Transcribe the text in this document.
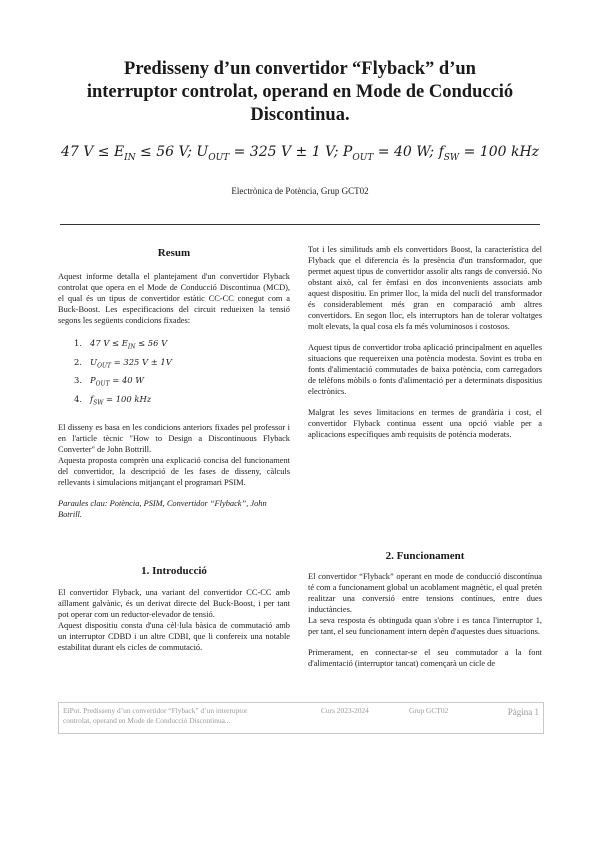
Predisseny d’un convertidor “Flyback” d’un
interruptor controlat, operand en Mode de Conducció
Discontinua.
47 $V \le E_{IN} \le 56$ V; $U_{OUT} = 325$ V ± 1 V; $P_{OUT} = 40$ W; $f_{SW} = 100$ kHz
Electrònica de Potència, Grup GCT02
Resum

Aquest informe detalla el plantejament d'un convertidor Flyback controlat que opera en el Mode de Conducció Discontinua (MCD), el qual és un tipus de convertidor estàtic CC-CC conegut com a Buck-Boost. Les especificacions del circuit redueixen la tensió segons les següents condicions fixades:

1. 47 $V \le E_{IN} \le 56$ V
2. $U_{OUT} = 325$ V ± 1V
3. $P_{OUT} = 40$ W
4. $f_{SW} = 100$ kHz

El disseny es basa en les condicions anteriors fixades pel professor i en l'article tècnic "How to Design a Discontinuous Flyback Converter" de John Bottrill.

Aquesta proposta comprèn una explicació concisa del funcionament del convertidor, la descripció de les fases de disseny, càlculs rellevants i simulacions mitjançant el programari PSIM.

Paraules clau: Potència, PSIM, Convertidor “Flyback”, John Botrill.

1. Introducció

El convertidor Flyback, una variant del convertidor CC-CC amb aïllament galvànic, és un derivat directe del Buck-Boost, i per tant pot operar com un reductor-elevador de tensió.

Aquest dispositiu consta d'una cèl·lula bàsica de commutació amb un interruptor CDBD i un altre CDBI, que li confereix una notable estabilitat durant els cicles de commutació.

Tot i les similituds amb els convertidors Boost, la característica del Flyback que el diferencia és la presència d'un transformador, que permet aquest tipus de convertidor assolir alts rangs de conversió. No obstant això, cal fer èmfasi en dos inconvenients associats amb aquest dispositiu. En primer lloc, la mida del nucli del transformador és considerablement més gran en comparació amb altres convertidors. En segon lloc, els interruptors han de tolerar voltatges molt elevats, la qual cosa els fa més voluminosos i costosos.

Aquest tipus de convertidor troba aplicació principalment en aquelles situacions que requereixen una potència modesta. Sovint es troba en fonts d'alimentació commutades de baixa potència, com carregadors de telèfons mòbils o fonts d'alimentació per a determinats dispositius electrònics.

Malgrat les seves limitacions en termes de grandària i cost, el convertidor Flyback continua essent una opció viable per a aplicacions específiques amb requisits de potència moderats.

2. Funcionament

El convertidor “Flyback” operant en mode de conducció discontínua té com a funcionament global un acoblament magnètic, el qual pretén realitzar una conversió entre tensions contínues, entre dues inductàncies.

La seva resposta és obtinguda quan s'obre i es tanca l'interruptor 1, per tant, el seu funcionament intern depèn d'aquestes dues situacions.

Primerament, en connectar-se el seu commutador a la font d'alimentació (interruptor tancat) començarà un cicle de

EiPot. Predisseny d’un convertidor “Flyback” d’un interruptor
controlat, operand en Mode de Conducció Discontinua...
Curs 2023-2024	Grup GCT02	Pàgina 1
